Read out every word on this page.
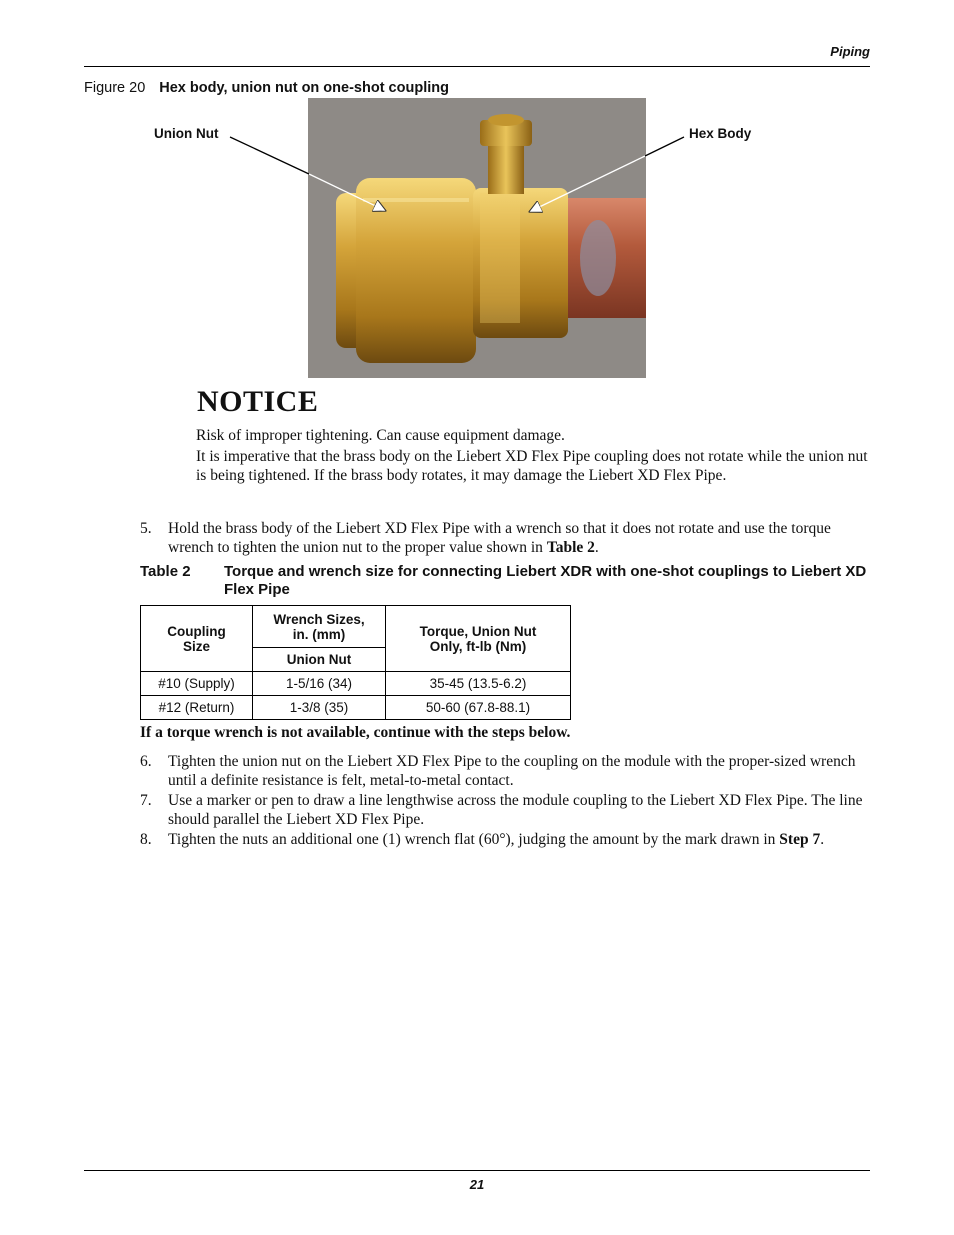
Piping
Figure 20 Hex body, union nut on one-shot coupling
Union Nut	Hex Body
NOTICE
Risk of improper tightening. Can cause equipment damage.
It is imperative that the brass body on the Liebert XD Flex Pipe coupling does not rotate while the union nut is being tightened. If the brass body rotates, it may damage the Liebert XD Flex Pipe.
5.	Hold the brass body of the Liebert XD Flex Pipe with a wrench so that it does not rotate and use the torque wrench to tighten the union nut to the proper value shown in Table 2.
Table 2 Torque and wrench size for connecting Liebert XDR with one-shot couplings to Liebert XD Flex Pipe
Coupling Size	Wrench Sizes, in. (mm)	Torque, Union Nut Only, ft-lb (Nm)
	Union Nut	
#10 (Supply)	1-5/16 (34)	35-45 (13.5-6.2)
#12 (Return)	1-3/8 (35)	50-60 (67.8-88.1)
If a torque wrench is not available, continue with the steps below.
6.	Tighten the union nut on the Liebert XD Flex Pipe to the coupling on the module with the proper-sized wrench until a definite resistance is felt, metal-to-metal contact.
7.	Use a marker or pen to draw a line lengthwise across the module coupling to the Liebert XD Flex Pipe. The line should parallel the Liebert XD Flex Pipe.
8.	Tighten the nuts an additional one (1) wrench flat (60°), judging the amount by the mark drawn in Step 7.
21
